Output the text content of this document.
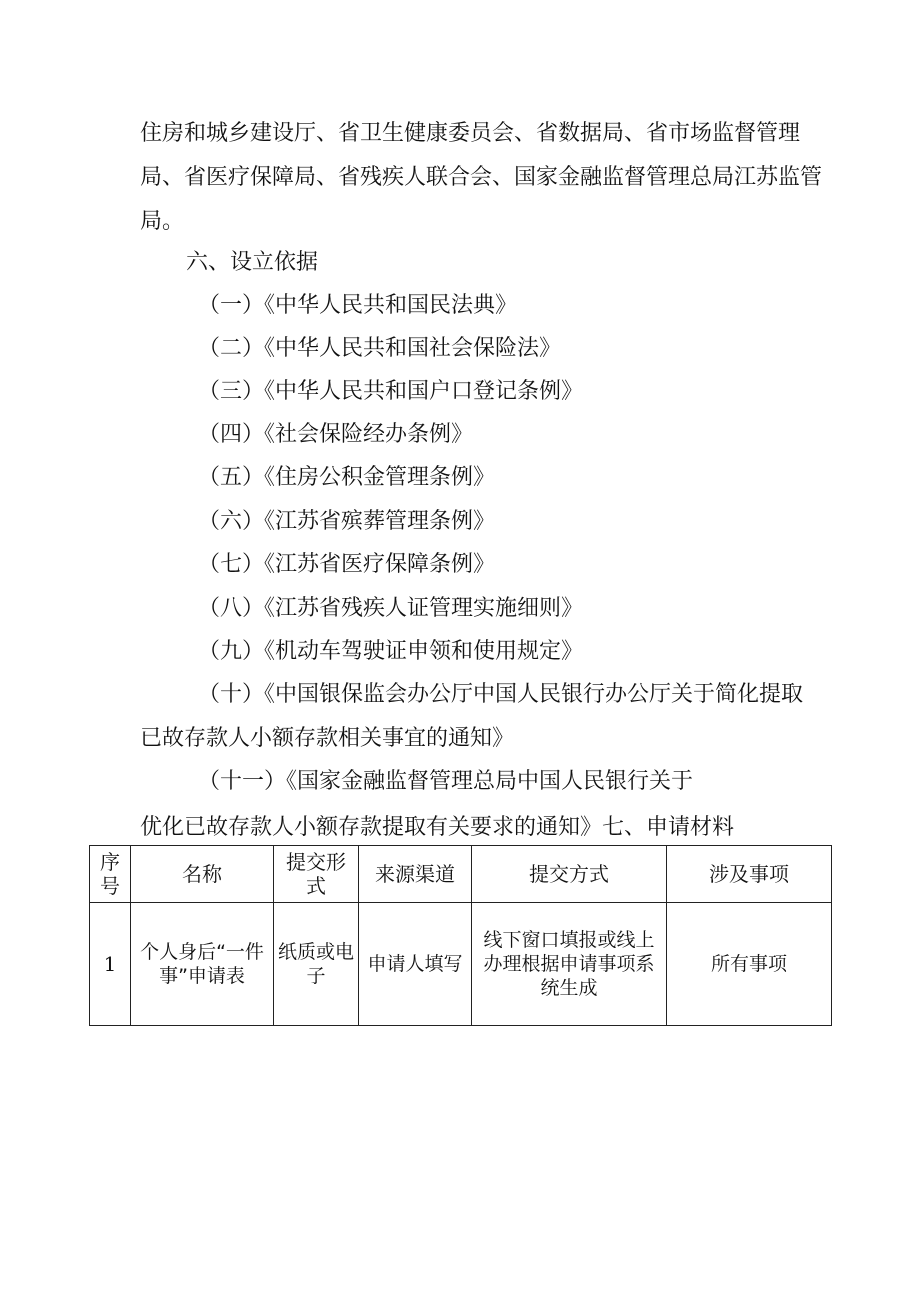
住房和城乡建设厅、省卫生健康委员会、省数据局、省市场监督管理局、省医疗保障局、省残疾人联合会、国家金融监督管理总局江苏监管局。

六、设立依据

（一）《中华人民共和国民法典》

（二）《中华人民共和国社会保险法》

（三）《中华人民共和国户口登记条例》

（四）《社会保险经办条例》

（五）《住房公积金管理条例》

（六）《江苏省殡葬管理条例》

（七）《江苏省医疗保障条例》

（八）《江苏省残疾人证管理实施细则》

（九）《机动车驾驶证申领和使用规定》

（十）《中国银保监会办公厅中国人民银行办公厅关于简化提取

已故存款人小额存款相关事宜的通知》

（十一）《国家金融监督管理总局中国人民银行关于

优化已故存款人小额存款提取有关要求的通知》七、申请材料

序号	名称	提交形式	来源渠道	提交方式	涉及事项
1	个人身后“一件事”申请表	纸质或电子	申请人填写	线下窗口填报或线上办理根据申请事项系统生成	所有事项
